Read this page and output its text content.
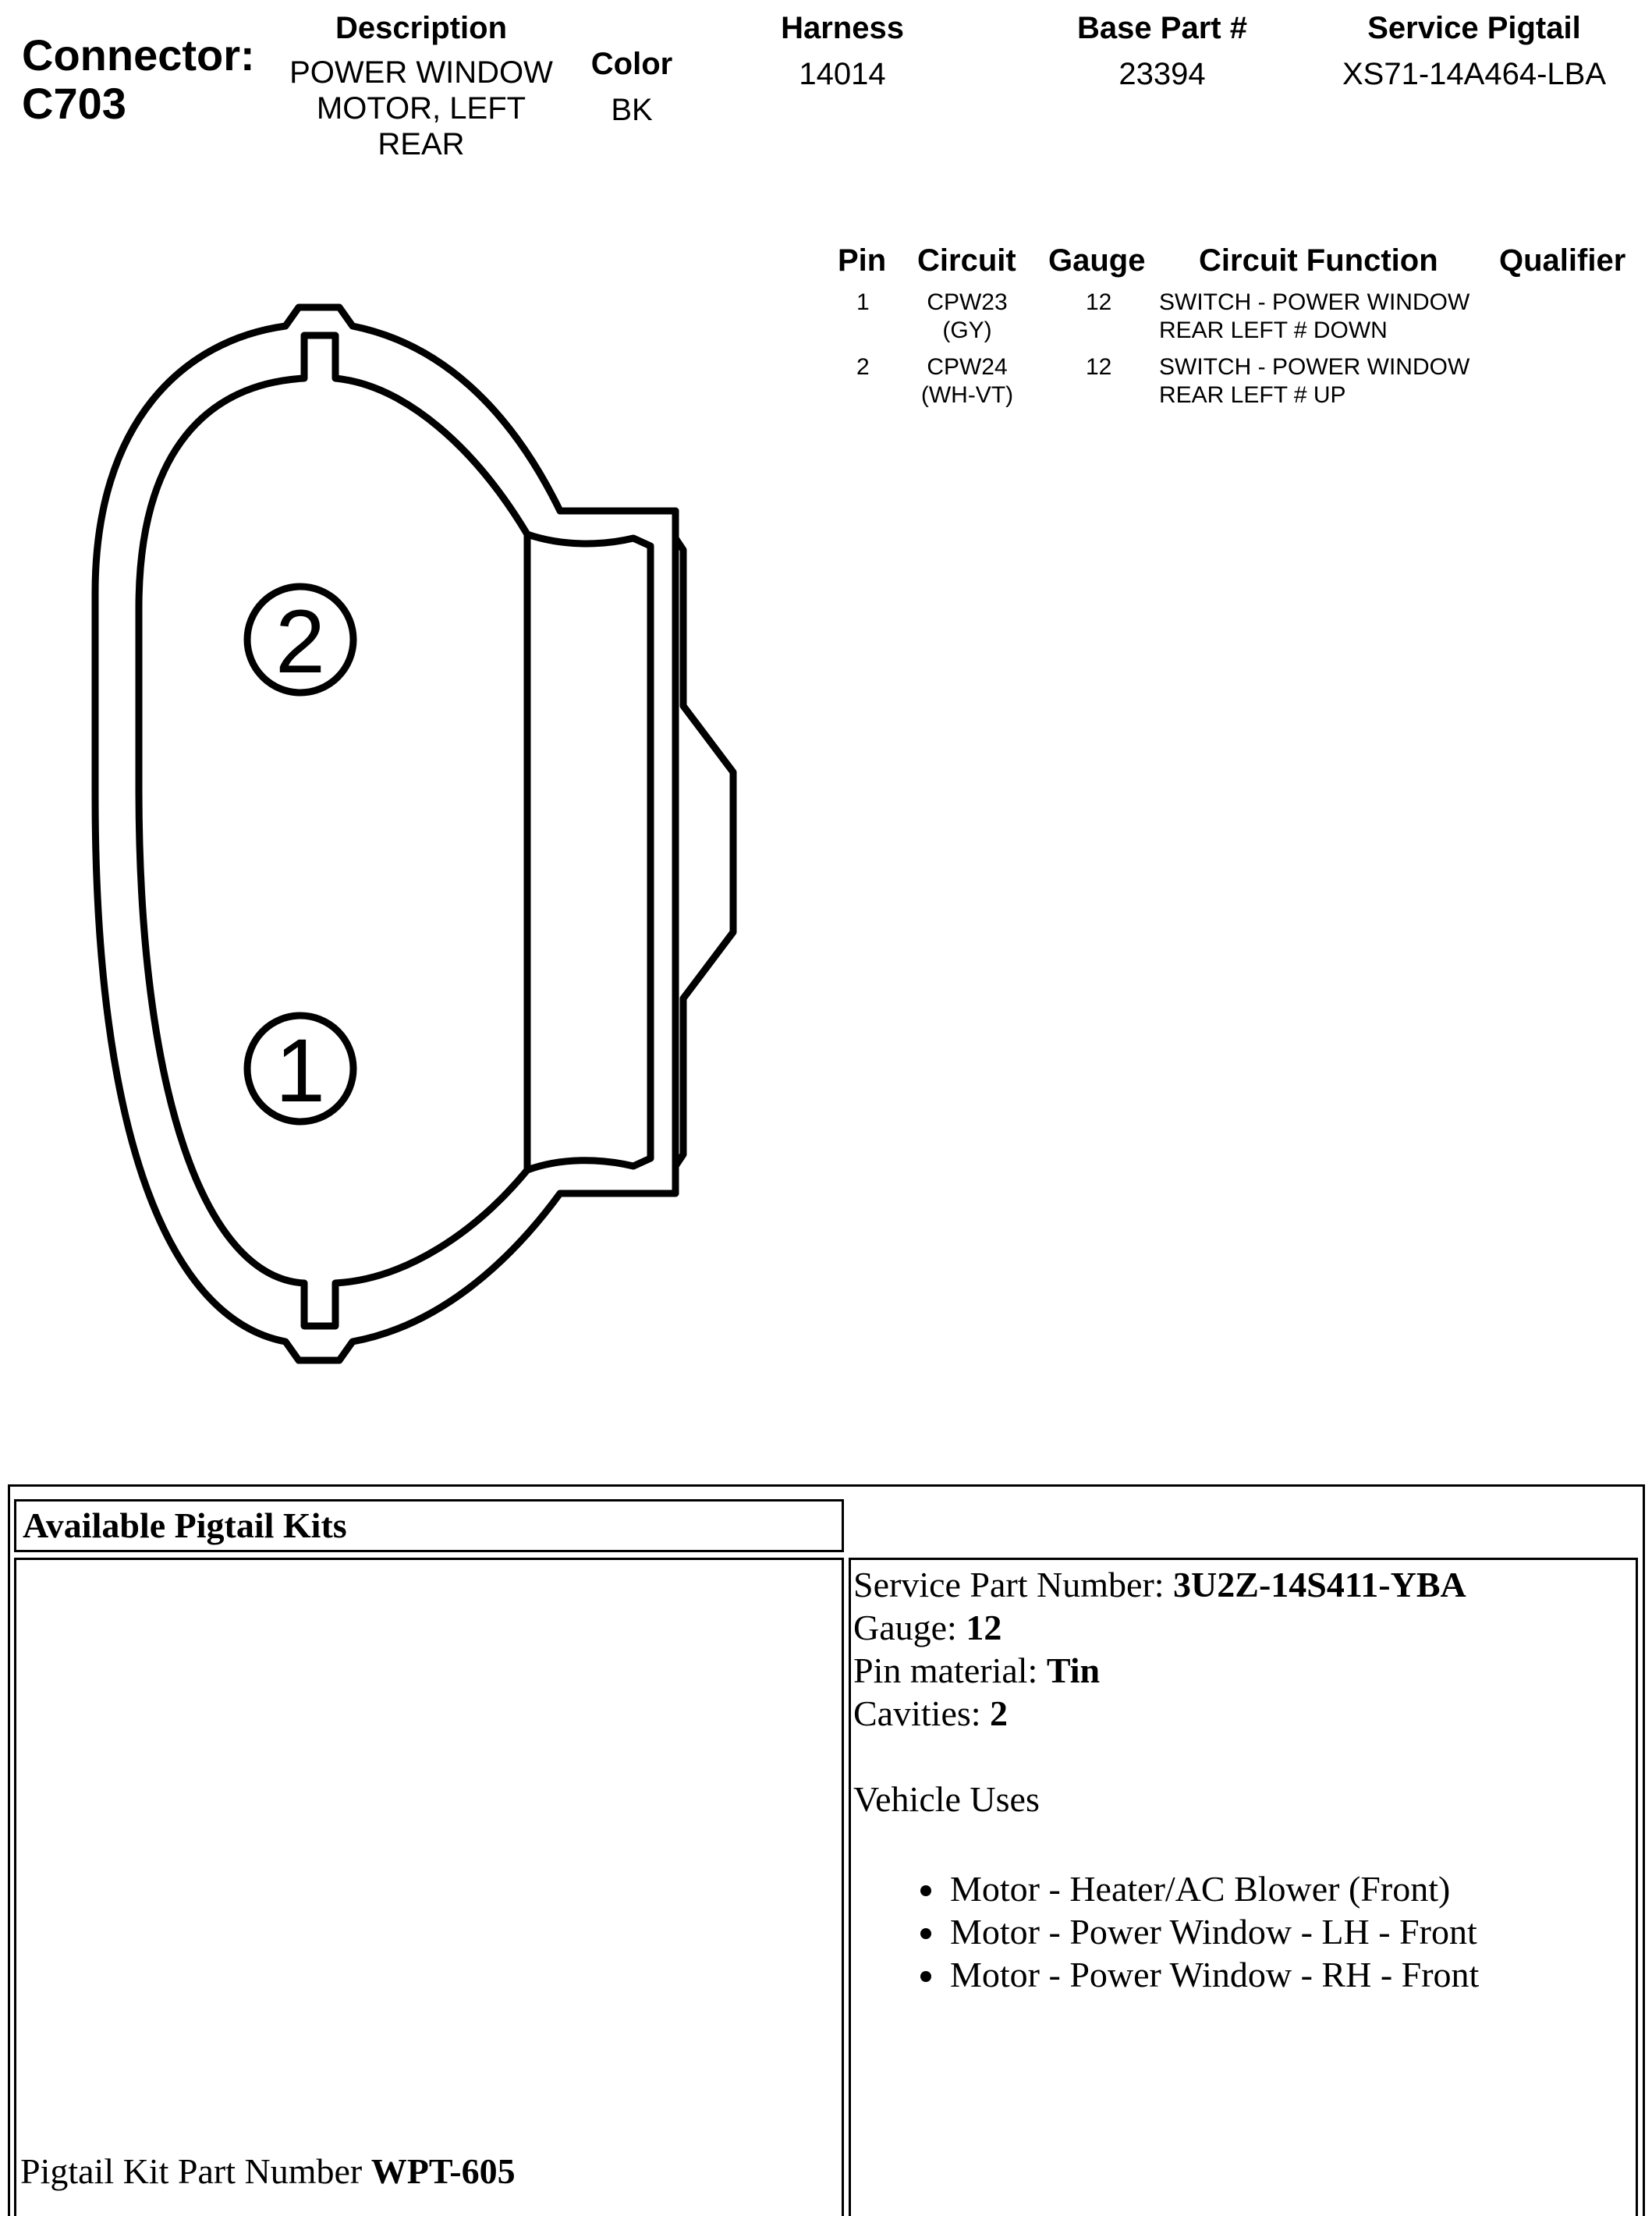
Connector:
C703
Description
POWER WINDOW
MOTOR, LEFT
REAR
Color
BK
Harness
14014
Base Part #
23394
Service Pigtail
XS71-14A464-LBA
Pin Circuit Gauge Circuit Function Qualifier
1	CPW23
(GY)
12 SWITCH - POWER WINDOW
REAR LEFT # DOWN
2	CPW24
(WH-VT)
12 SWITCH - POWER WINDOW
REAR LEFT # UP
2
1
Available Pigtail Kits
Service Part Number: 3U2Z-14S411-YBA
Gauge: 12
Pin material: Tin
Cavities: 2
Vehicle Uses
• Motor - Heater/AC Blower (Front)
• Motor - Power Window - LH - Front
• Motor - Power Window - RH - Front
Pigtail Kit Part Number WPT-605
